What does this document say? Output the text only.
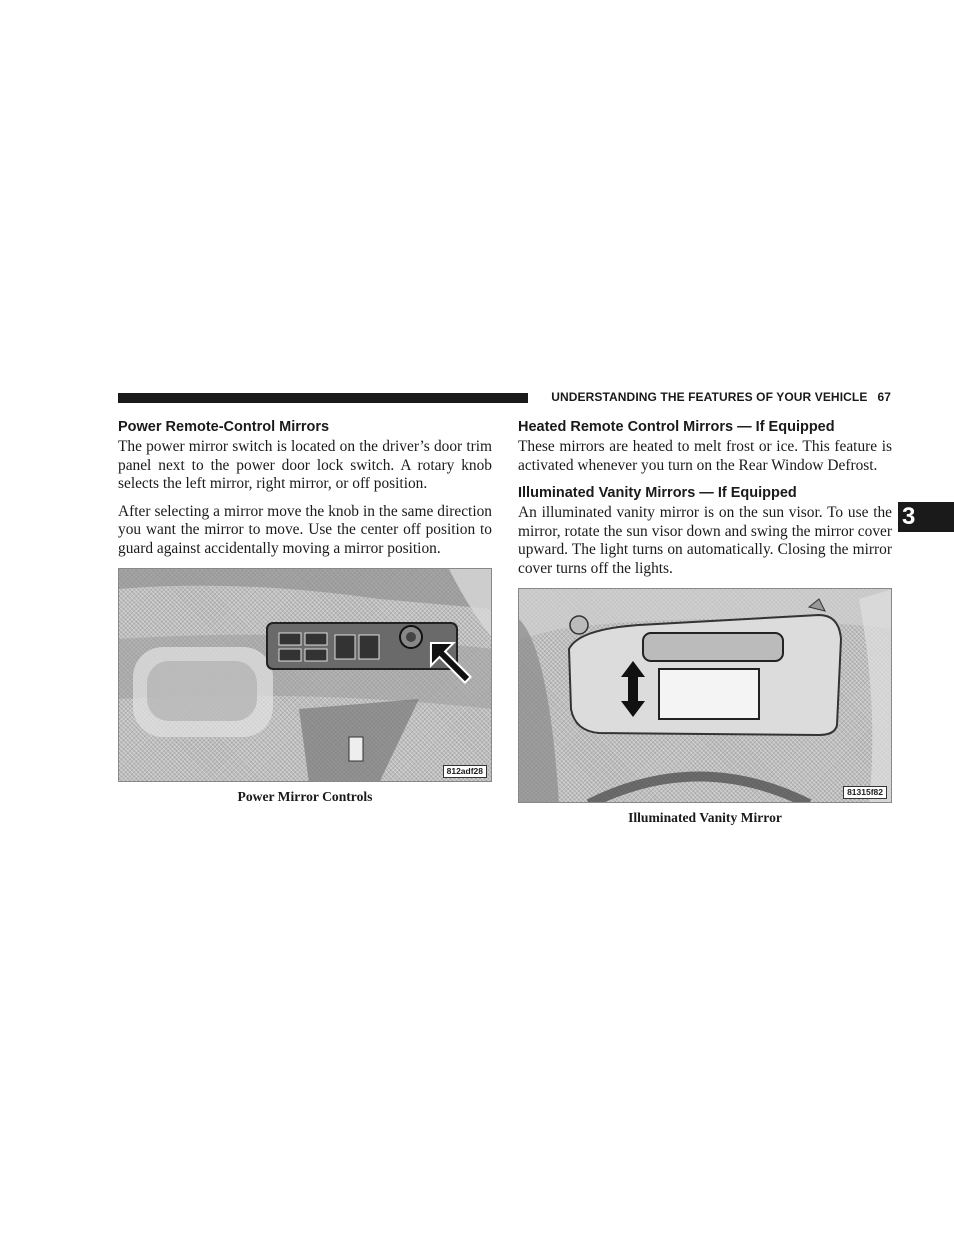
UNDERSTANDING THE FEATURES OF YOUR VEHICLE 67
3
Power Remote-Control Mirrors

The power mirror switch is located on the driver’s door trim panel next to the power door lock switch. A rotary knob selects the left mirror, right mirror, or off position.

After selecting a mirror move the knob in the same direction you want the mirror to move. Use the center off position to guard against accidentally moving a mirror position.

812adf28
Power Mirror Controls
Heated Remote Control Mirrors — If Equipped

These mirrors are heated to melt frost or ice. This feature is activated whenever you turn on the Rear Window Defrost.

Illuminated Vanity Mirrors — If Equipped

An illuminated vanity mirror is on the sun visor. To use the mirror, rotate the sun visor down and swing the mirror cover upward. The light turns on automatically. Closing the mirror cover turns off the lights.

81315f82
Illuminated Vanity Mirror
